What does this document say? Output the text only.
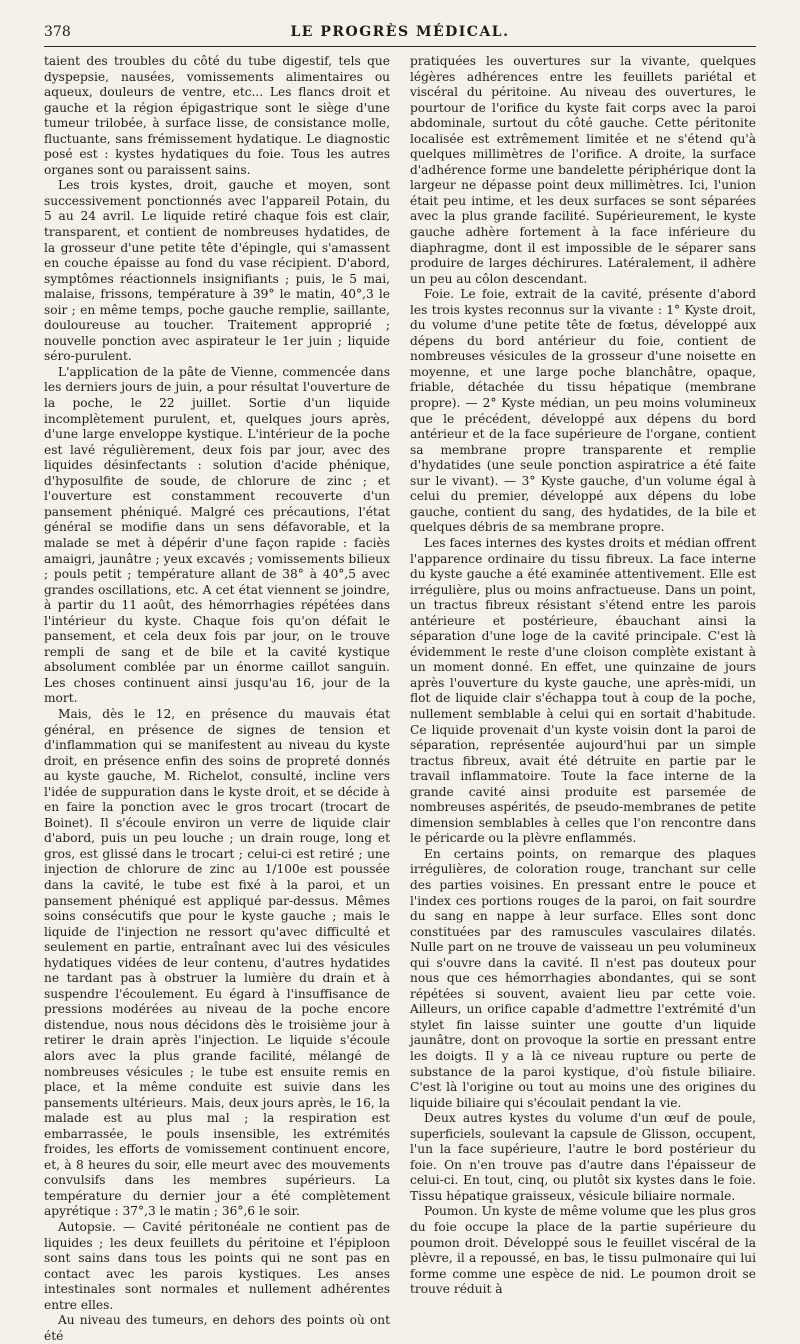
378	LE PROGRÈS MÉDICAL.

taient des troubles du côté du tube digestif, tels que dyspepsie, nausées, vomissements alimentaires ou aqueux, douleurs de ventre, etc... Les flancs droit et gauche et la région épigastrique sont le siège d'une tumeur trilobée, à surface lisse, de consistance molle, fluctuante, sans frémissement hydatique. Le diagnostic posé est : kystes hydatiques du foie. Tous les autres organes sont ou paraissent sains.

Les trois kystes, droit, gauche et moyen, sont successivement ponctionnés avec l'appareil Potain, du 5 au 24 avril. Le liquide retiré chaque fois est clair, transparent, et contient de nombreuses hydatides, de la grosseur d'une petite tête d'épingle, qui s'amassent en couche épaisse au fond du vase récipient. D'abord, symptômes réactionnels insignifiants ; puis, le 5 mai, malaise, frissons, température à 39° le matin, 40°,3 le soir ; en même temps, poche gauche remplie, saillante, douloureuse au toucher. Traitement approprié ; nouvelle ponction avec aspirateur le 1er juin ; liquide séro-purulent.

L'application de la pâte de Vienne, commencée dans les derniers jours de juin, a pour résultat l'ouverture de la poche, le 22 juillet. Sortie d'un liquide incomplètement purulent, et, quelques jours après, d'une large enveloppe kystique. L'intérieur de la poche est lavé régulièrement, deux fois par jour, avec des liquides désinfectants : solution d'acide phénique, d'hyposulfite de soude, de chlorure de zinc ; et l'ouverture est constamment recouverte d'un pansement phéniqué. Malgré ces précautions, l'état général se modifie dans un sens défavorable, et la malade se met à dépérir d'une façon rapide : faciès amaigri, jaunâtre ; yeux excavés ; vomissements bilieux ; pouls petit ; température allant de 38° à 40°,5 avec grandes oscillations, etc. A cet état viennent se joindre, à partir du 11 août, des hémorrhagies répétées dans l'intérieur du kyste. Chaque fois qu'on défait le pansement, et cela deux fois par jour, on le trouve rempli de sang et de bile et la cavité kystique absolument comblée par un énorme caillot sanguin. Les choses continuent ainsi jusqu'au 16, jour de la mort.

Mais, dès le 12, en présence du mauvais état général, en présence de signes de tension et d'inflammation qui se manifestent au niveau du kyste droit, en présence enfin des soins de propreté donnés au kyste gauche, M. Richelot, consulté, incline vers l'idée de suppuration dans le kyste droit, et se décide à en faire la ponction avec le gros trocart (trocart de Boinet). Il s'écoule environ un verre de liquide clair d'abord, puis un peu louche ; un drain rouge, long et gros, est glissé dans le trocart ; celui-ci est retiré ; une injection de chlorure de zinc au 1/100e est poussée dans la cavité, le tube est fixé à la paroi, et un pansement phéniqué est appliqué par-dessus. Mêmes soins consécutifs que pour le kyste gauche ; mais le liquide de l'injection ne ressort qu'avec difficulté et seulement en partie, entraînant avec lui des vésicules hydatiques vidées de leur contenu, d'autres hydatides ne tardant pas à obstruer la lumière du drain et à suspendre l'écoulement. Eu égard à l'insuffisance de pressions modérées au niveau de la poche encore distendue, nous nous décidons dès le troisième jour à retirer le drain après l'injection. Le liquide s'écoule alors avec la plus grande facilité, mélangé de nombreuses vésicules ; le tube est ensuite remis en place, et la même conduite est suivie dans les pansements ultérieurs. Mais, deux jours après, le 16, la malade est au plus mal ; la respiration est embarrassée, le pouls insensible, les extrémités froides, les efforts de vomissement continuent encore, et, à 8 heures du soir, elle meurt avec des mouvements convulsifs dans les membres supérieurs. La température du dernier jour a été complètement apyrétique : 37°,3 le matin ; 36°,6 le soir.

Autopsie. — Cavité péritonéale ne contient pas de liquides ; les deux feuillets du péritoine et l'épiploon sont sains dans tous les points qui ne sont pas en contact avec les parois kystiques. Les anses intestinales sont normales et nullement adhérentes entre elles.

Au niveau des tumeurs, en dehors des points où ont été

pratiquées les ouvertures sur la vivante, quelques légères adhérences entre les feuillets pariétal et viscéral du péritoine. Au niveau des ouvertures, le pourtour de l'orifice du kyste fait corps avec la paroi abdominale, surtout du côté gauche. Cette péritonite localisée est extrêmement limitée et ne s'étend qu'à quelques millimètres de l'orifice. A droite, la surface d'adhérence forme une bandelette périphérique dont la largeur ne dépasse point deux millimètres. Ici, l'union était peu intime, et les deux surfaces se sont séparées avec la plus grande facilité. Supérieurement, le kyste gauche adhère fortement à la face inférieure du diaphragme, dont il est impossible de le séparer sans produire de larges déchirures. Latéralement, il adhère un peu au côlon descendant.

Foie. Le foie, extrait de la cavité, présente d'abord les trois kystes reconnus sur la vivante : 1° Kyste droit, du volume d'une petite tête de fœtus, développé aux dépens du bord antérieur du foie, contient de nombreuses vésicules de la grosseur d'une noisette en moyenne, et une large poche blanchâtre, opaque, friable, détachée du tissu hépatique (membrane propre). — 2° Kyste médian, un peu moins volumineux que le précédent, développé aux dépens du bord antérieur et de la face supérieure de l'organe, contient sa membrane propre transparente et remplie d'hydatides (une seule ponction aspiratrice a été faite sur le vivant). — 3° Kyste gauche, d'un volume égal à celui du premier, développé aux dépens du lobe gauche, contient du sang, des hydatides, de la bile et quelques débris de sa membrane propre.

Les faces internes des kystes droits et médian offrent l'apparence ordinaire du tissu fibreux. La face interne du kyste gauche a été examinée attentivement. Elle est irrégulière, plus ou moins anfractueuse. Dans un point, un tractus fibreux résistant s'étend entre les parois antérieure et postérieure, ébauchant ainsi la séparation d'une loge de la cavité principale. C'est là évidemment le reste d'une cloison complète existant à un moment donné. En effet, une quinzaine de jours après l'ouverture du kyste gauche, une après-midi, un flot de liquide clair s'échappa tout à coup de la poche, nullement semblable à celui qui en sortait d'habitude. Ce liquide provenait d'un kyste voisin dont la paroi de séparation, représentée aujourd'hui par un simple tractus fibreux, avait été détruite en partie par le travail inflammatoire. Toute la face interne de la grande cavité ainsi produite est parsemée de nombreuses aspérités, de pseudo-membranes de petite dimension semblables à celles que l'on rencontre dans le péricarde ou la plèvre enflammés.

En certains points, on remarque des plaques irrégulières, de coloration rouge, tranchant sur celle des parties voisines. En pressant entre le pouce et l'index ces portions rouges de la paroi, on fait sourdre du sang en nappe à leur surface. Elles sont donc constituées par des ramuscules vasculaires dilatés. Nulle part on ne trouve de vaisseau un peu volumineux qui s'ouvre dans la cavité. Il n'est pas douteux pour nous que ces hémorrhagies abondantes, qui se sont répétées si souvent, avaient lieu par cette voie. Ailleurs, un orifice capable d'admettre l'extrémité d'un stylet fin laisse suinter une goutte d'un liquide jaunâtre, dont on provoque la sortie en pressant entre les doigts. Il y a là ce niveau rupture ou perte de substance de la paroi kystique, d'où fistule biliaire. C'est là l'origine ou tout au moins une des origines du liquide biliaire qui s'écoulait pendant la vie.

Deux autres kystes du volume d'un œuf de poule, superficiels, soulevant la capsule de Glisson, occupent, l'un la face supérieure, l'autre le bord postérieur du foie. On n'en trouve pas d'autre dans l'épaisseur de celui-ci. En tout, cinq, ou plutôt six kystes dans le foie. Tissu hépatique graisseux, vésicule biliaire normale.

Poumon. Un kyste de même volume que les plus gros du foie occupe la place de la partie supérieure du poumon droit. Développé sous le feuillet viscéral de la plèvre, il a repoussé, en bas, le tissu pulmonaire qui lui forme comme une espèce de nid. Le poumon droit se trouve réduit à
